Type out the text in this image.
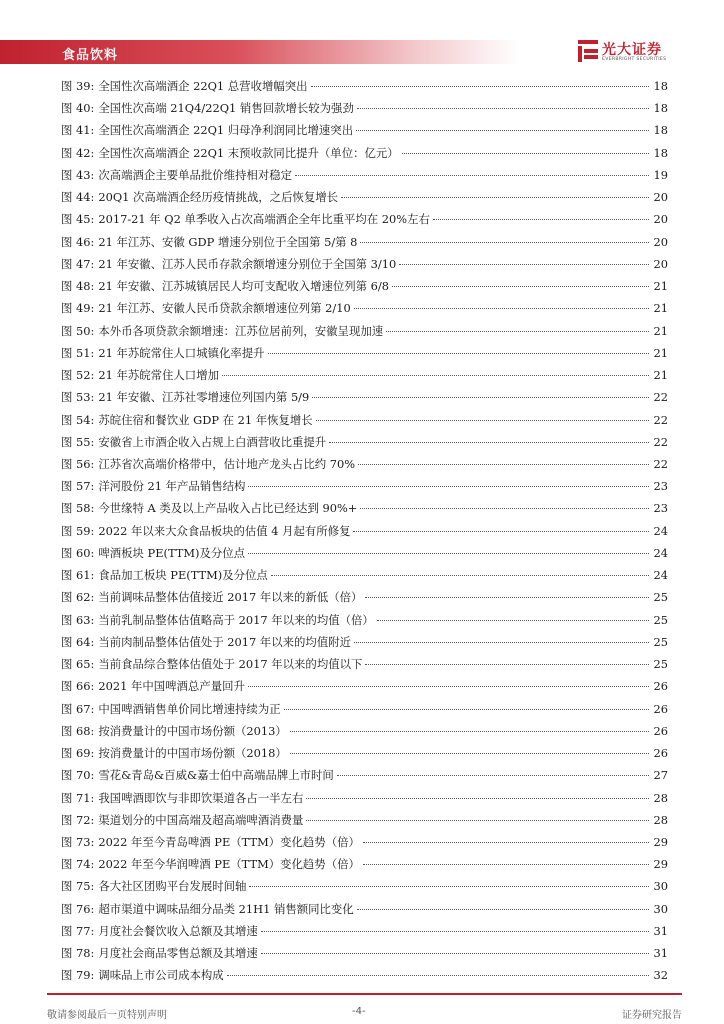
食品饮料	光大证券
EVERBRIGHT SECURITIES
图 39: 全国性次高端酒企 22Q1 总营收增幅突出	18
图 40: 全国性次高端 21Q4/22Q1 销售回款增长较为强劲	18
图 41: 全国性次高端酒企 22Q1 归母净利润同比增速突出	18
图 42: 全国性次高端酒企 22Q1 末预收款同比提升（单位：亿元）	18
图 43: 次高端酒企主要单品批价维持相对稳定	19
图 44: 20Q1 次高端酒企经历疫情挑战，之后恢复增长	20
图 45: 2017-21 年 Q2 单季收入占次高端酒企全年比重平均在 20%左右	20
图 46: 21 年江苏、安徽 GDP 增速分别位于全国第 5/第 8	20
图 47: 21 年安徽、江苏人民币存款余额增速分别位于全国第 3/10	20
图 48: 21 年安徽、江苏城镇居民人均可支配收入增速位列第 6/8	21
图 49: 21 年江苏、安徽人民币贷款余额增速位列第 2/10	21
图 50: 本外币各项贷款余额增速：江苏位居前列，安徽呈现加速	21
图 51: 21 年苏皖常住人口城镇化率提升	21
图 52: 21 年苏皖常住人口增加	21
图 53: 21 年安徽、江苏社零增速位列国内第 5/9	22
图 54: 苏皖住宿和餐饮业 GDP 在 21 年恢复增长	22
图 55: 安徽省上市酒企收入占规上白酒营收比重提升	22
图 56: 江苏省次高端价格带中，估计地产龙头占比约 70%	22
图 57: 洋河股份 21 年产品销售结构	23
图 58: 今世缘特 A 类及以上产品收入占比已经达到 90%+	23
图 59: 2022 年以来大众食品板块的估值 4 月起有所修复	24
图 60: 啤酒板块 PE(TTM)及分位点	24
图 61: 食品加工板块 PE(TTM)及分位点	24
图 62: 当前调味品整体估值接近 2017 年以来的新低（倍）	25
图 63: 当前乳制品整体估值略高于 2017 年以来的均值（倍）	25
图 64: 当前肉制品整体估值处于 2017 年以来的均值附近	25
图 65: 当前食品综合整体估值处于 2017 年以来的均值以下	25
图 66: 2021 年中国啤酒总产量回升	26
图 67: 中国啤酒销售单价同比增速持续为正	26
图 68: 按消费量计的中国市场份额（2013）	26
图 69: 按消费量计的中国市场份额（2018）	26
图 70: 雪花&青岛&百威&嘉士伯中高端品牌上市时间	27
图 71: 我国啤酒即饮与非即饮渠道各占一半左右	28
图 72: 渠道划分的中国高端及超高端啤酒消费量	28
图 73: 2022 年至今青岛啤酒 PE（TTM）变化趋势（倍）	29
图 74: 2022 年至今华润啤酒 PE（TTM）变化趋势（倍）	29
图 75: 各大社区团购平台发展时间轴	30
图 76: 超市渠道中调味品细分品类 21H1 销售额同比变化	30
图 77: 月度社会餐饮收入总额及其增速	31
图 78: 月度社会商品零售总额及其增速	31
图 79: 调味品上市公司成本构成	32
敬请参阅最后一页特别声明	-4-	证券研究报告
